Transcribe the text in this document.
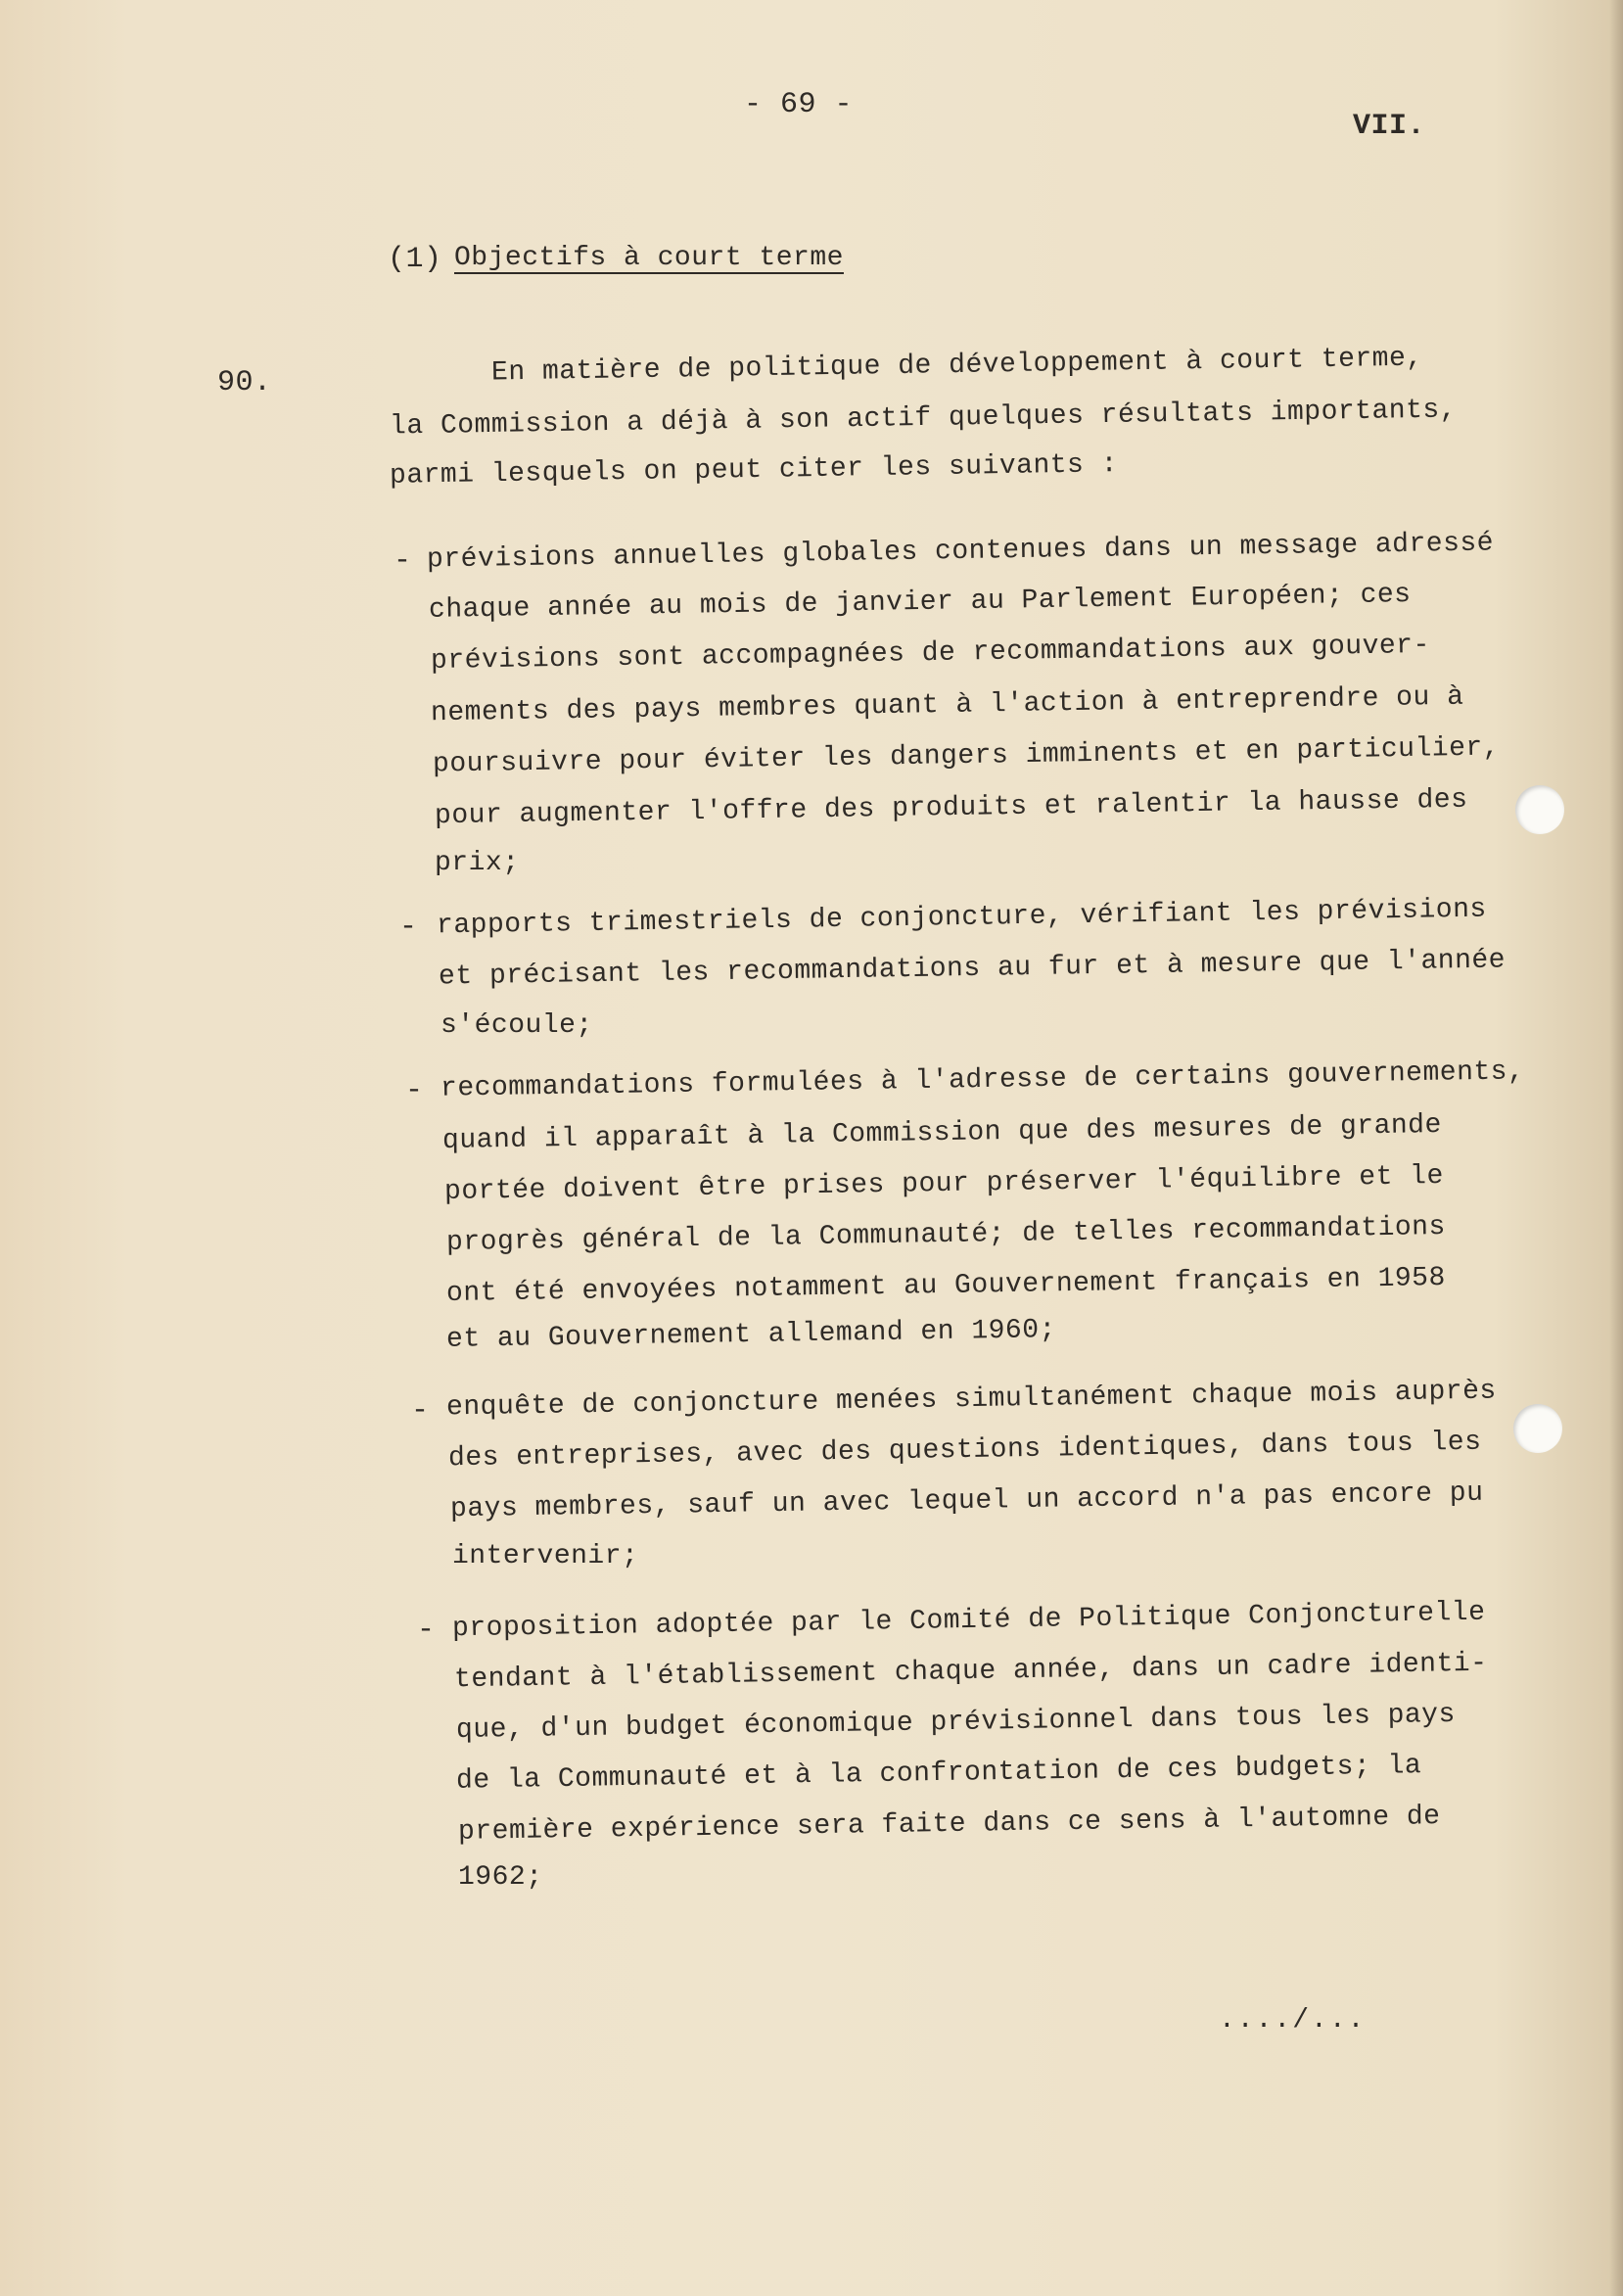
- 69 -
VII.
(1) Objectifs à court terme
90.	En matière de politique de développement à court terme,
la Commission a déjà à son actif quelques résultats importants,
parmi lesquels on peut citer les suivants :
- prévisions annuelles globales contenues dans un message adressé
chaque année au mois de janvier au Parlement Européen; ces
prévisions sont accompagnées de recommandations aux gouver-
nements des pays membres quant à l'action à entreprendre ou à
poursuivre pour éviter les dangers imminents et en particulier,
pour augmenter l'offre des produits et ralentir la hausse des
prix;
- rapports trimestriels de conjoncture, vérifiant les prévisions
et précisant les recommandations au fur et à mesure que l'année
s'écoule;
- recommandations formulées à l'adresse de certains gouvernements,
quand il apparaît à la Commission que des mesures de grande
portée doivent être prises pour préserver l'équilibre et le
progrès général de la Communauté; de telles recommandations
ont été envoyées notamment au Gouvernement français en 1958
et au Gouvernement allemand en 1960;
- enquête de conjoncture menées simultanément chaque mois auprès
des entreprises, avec des questions identiques, dans tous les
pays membres, sauf un avec lequel un accord n'a pas encore pu
intervenir;
- proposition adoptée par le Comité de Politique Conjoncturelle
tendant à l'établissement chaque année, dans un cadre identi-
que, d'un budget économique prévisionnel dans tous les pays
de la Communauté et à la confrontation de ces budgets; la
première expérience sera faite dans ce sens à l'automne de
1962;
..../...
